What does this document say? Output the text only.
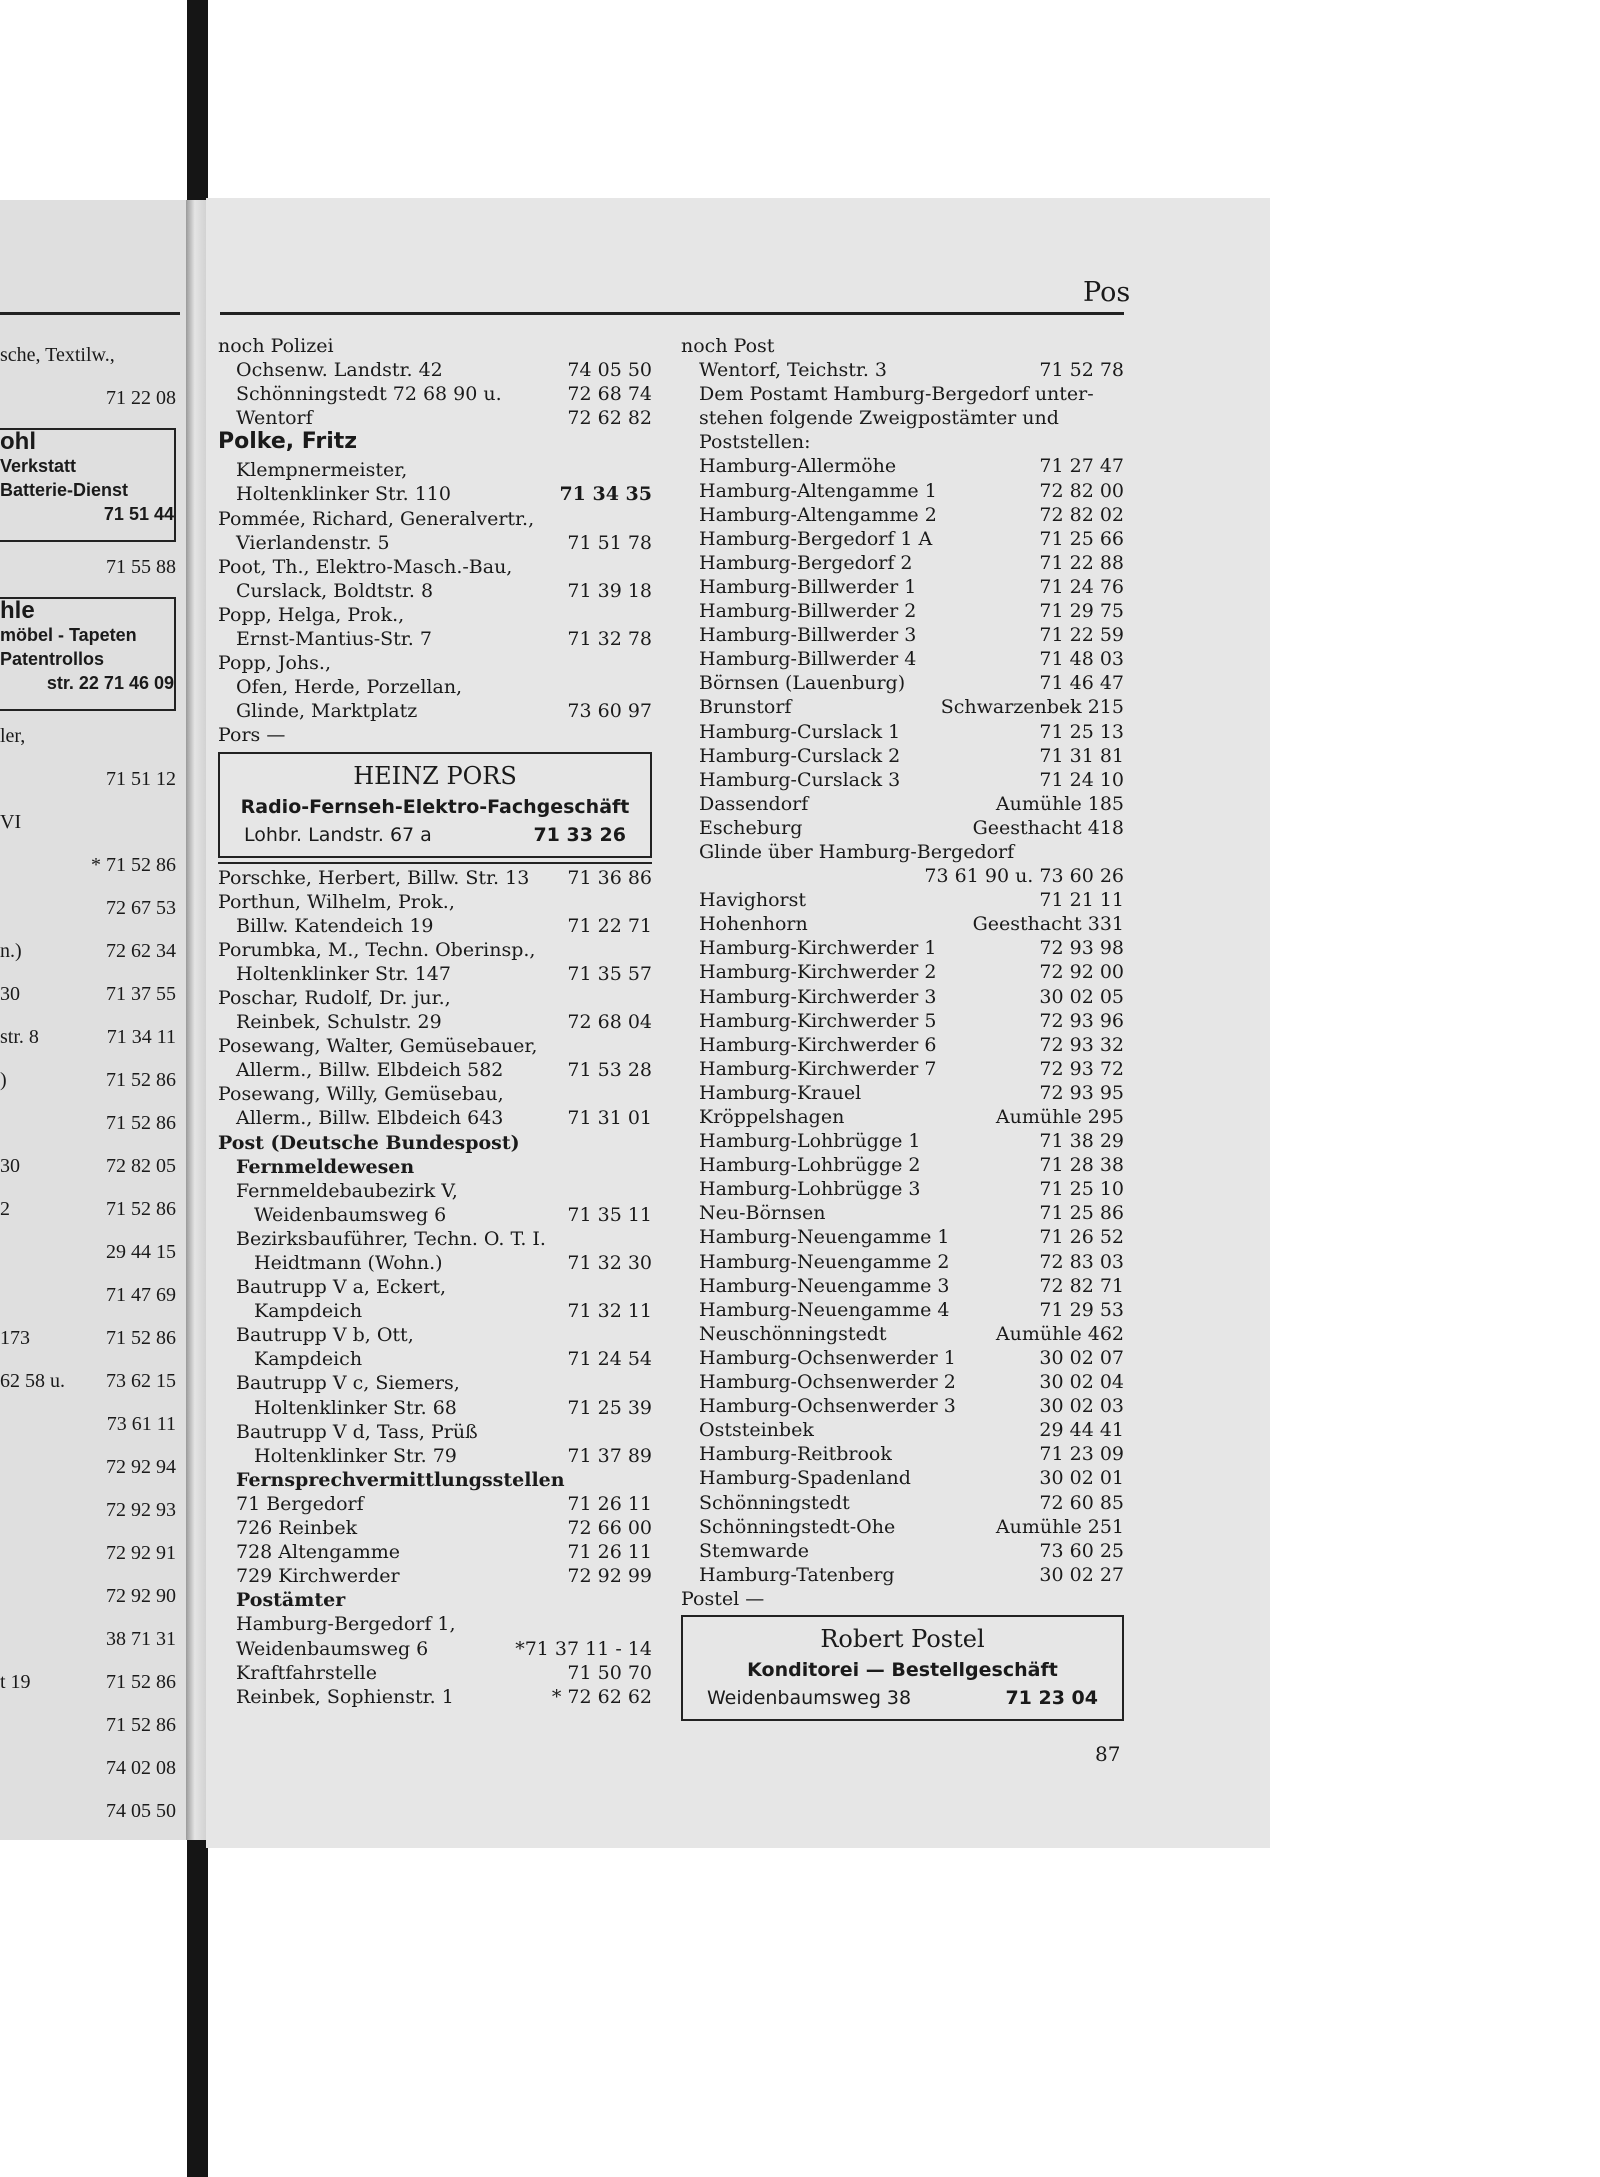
sche, Textilw.,
71 22 08
ohl
Verkstatt
Batterie-Dienst
71 51 44
71 55 88
hle
möbel - Tapeten
Patentrollos
str. 22 71 46 09
ler,
71 51 12
VI
* 71 52 86
72 67 53
n.)	72 62 34
30	71 37 55
str. 8	71 34 11
)	71 52 86
71 52 86
30	72 82 05
2	71 52 86
29 44 15
71 47 69
173	71 52 86
62 58 u. 73 62 15
73 61 11
72 92 94
72 92 93
72 92 91
72 92 90
38 71 31
t 19	71 52 86
71 52 86
74 02 08
74 05 50
Pos
noch Polizei
Ochsenw. Landstr. 42	74 05 50
Schönningstedt 72 68 90 u.	72 68 74
Wentorf	72 62 82
Polke, Fritz
Klempnermeister,
Holtenklinker Str. 110	71 34 35
Pommée, Richard, Generalvertr.,
Vierlandenstr. 5	71 51 78
Poot, Th., Elektro-Masch.-Bau,
Curslack, Boldtstr. 8	71 39 18
Popp, Helga, Prok.,
Ernst-Mantius-Str. 7	71 32 78
Popp, Johs.,
Ofen, Herde, Porzellan,
Glinde, Marktplatz	73 60 97
Pors —
HEINZ PORS
Radio-Fernseh-Elektro-Fachgeschäft
Lohbr. Landstr. 67 a	71 33 26
Porschke, Herbert, Billw. Str. 13 71 36 86
Porthun, Wilhelm, Prok.,
Billw. Katendeich 19	71 22 71
Porumbka, M., Techn. Oberinsp.,
Holtenklinker Str. 147	71 35 57
Poschar, Rudolf, Dr. jur.,
Reinbek, Schulstr. 29	72 68 04
Posewang, Walter, Gemüsebauer,
Allerm., Billw. Elbdeich 582	71 53 28
Posewang, Willy, Gemüsebau,
Allerm., Billw. Elbdeich 643	71 31 01
Post (Deutsche Bundespost)
Fernmeldewesen
Fernmeldebaubezirk V,
Weidenbaumsweg 6	71 35 11
Bezirksbauführer, Techn. O. T. I.
Heidtmann (Wohn.)	71 32 30
Bautrupp V a, Eckert,
Kampdeich	71 32 11
Bautrupp V b, Ott,
Kampdeich	71 24 54
Bautrupp V c, Siemers,
Holtenklinker Str. 68	71 25 39
Bautrupp V d, Tass, Prüß
Holtenklinker Str. 79	71 37 89
Fernsprechvermittlungsstellen
71 Bergedorf	71 26 11
726 Reinbek	72 66 00
728 Altengamme	71 26 11
729 Kirchwerder	72 92 99
Postämter
Hamburg-Bergedorf 1,
Weidenbaumsweg 6	*71 37 11 - 14
Kraftfahrstelle	71 50 70
Reinbek, Sophienstr. 1	* 72 62 62
noch Post
Wentorf, Teichstr. 3	71 52 78
Dem Postamt Hamburg-Bergedorf unter-
stehen folgende Zweigpostämter und
Poststellen:
Hamburg-Allermöhe	71 27 47
Hamburg-Altengamme 1	72 82 00
Hamburg-Altengamme 2	72 82 02
Hamburg-Bergedorf 1 A	71 25 66
Hamburg-Bergedorf 2	71 22 88
Hamburg-Billwerder 1	71 24 76
Hamburg-Billwerder 2	71 29 75
Hamburg-Billwerder 3	71 22 59
Hamburg-Billwerder 4	71 48 03
Börnsen (Lauenburg)	71 46 47
Brunstorf	Schwarzenbek 215
Hamburg-Curslack 1	71 25 13
Hamburg-Curslack 2	71 31 81
Hamburg-Curslack 3	71 24 10
Dassendorf	Aumühle 185
Escheburg	Geesthacht 418
Glinde über Hamburg-Bergedorf
73 61 90 u. 73 60 26
Havighorst	71 21 11
Hohenhorn	Geesthacht 331
Hamburg-Kirchwerder 1	72 93 98
Hamburg-Kirchwerder 2	72 92 00
Hamburg-Kirchwerder 3	30 02 05
Hamburg-Kirchwerder 5	72 93 96
Hamburg-Kirchwerder 6	72 93 32
Hamburg-Kirchwerder 7	72 93 72
Hamburg-Krauel	72 93 95
Kröppelshagen	Aumühle 295
Hamburg-Lohbrügge 1	71 38 29
Hamburg-Lohbrügge 2	71 28 38
Hamburg-Lohbrügge 3	71 25 10
Neu-Börnsen	71 25 86
Hamburg-Neuengamme 1	71 26 52
Hamburg-Neuengamme 2	72 83 03
Hamburg-Neuengamme 3	72 82 71
Hamburg-Neuengamme 4	71 29 53
Neuschönningstedt	Aumühle 462
Hamburg-Ochsenwerder 1	30 02 07
Hamburg-Ochsenwerder 2	30 02 04
Hamburg-Ochsenwerder 3	30 02 03
Oststeinbek	29 44 41
Hamburg-Reitbrook	71 23 09
Hamburg-Spadenland	30 02 01
Schönningstedt	72 60 85
Schönningstedt-Ohe	Aumühle 251
Stemwarde	73 60 25
Hamburg-Tatenberg	30 02 27
Postel —
Robert Postel
Konditorei — Bestellgeschäft
Weidenbaumsweg 38	71 23 04
87
